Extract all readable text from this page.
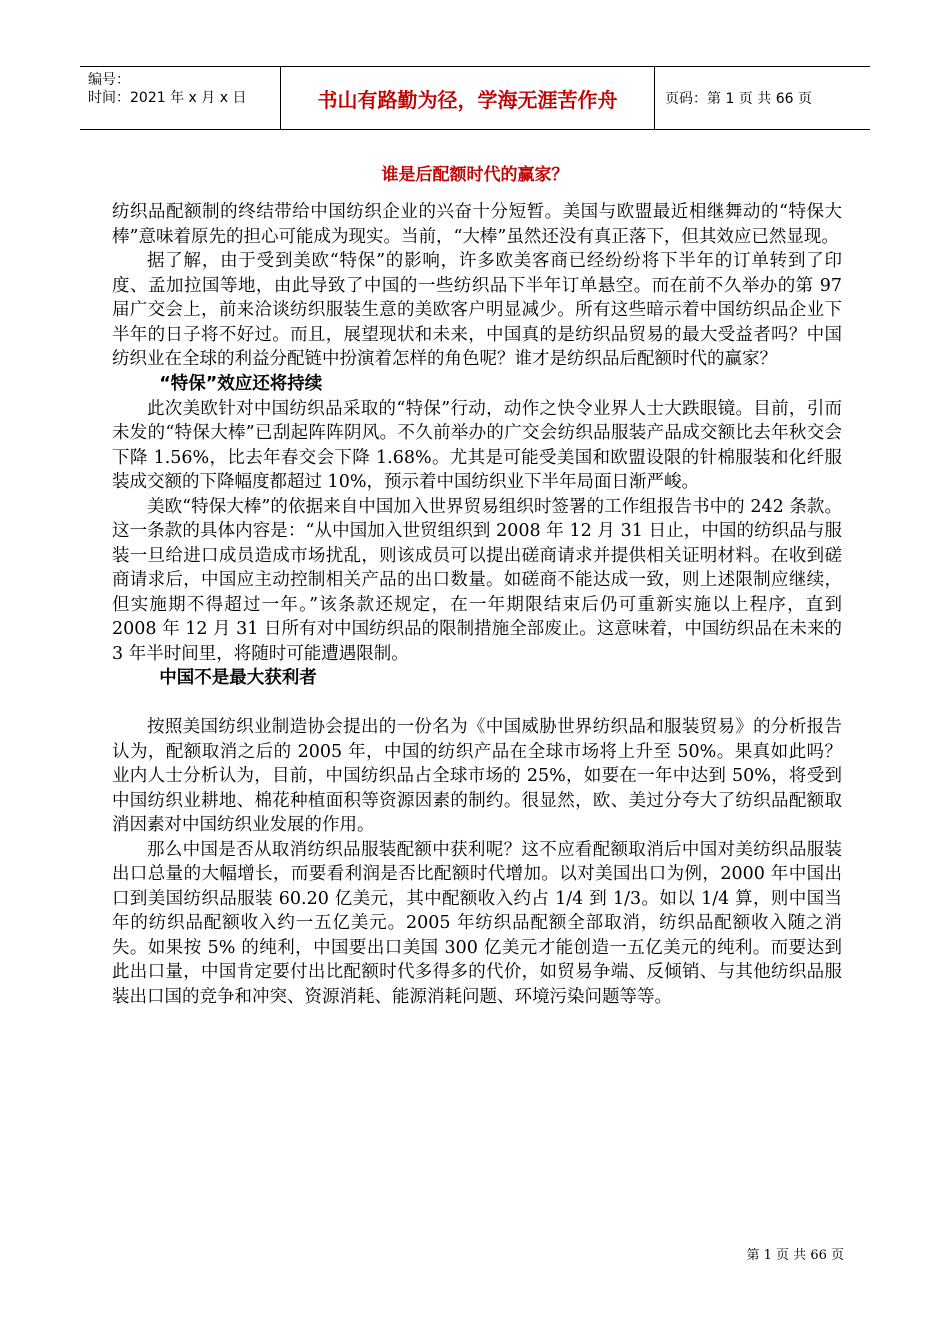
编号：
时间：2021 年 x 月 x 日	书山有路勤为径，学海无涯苦作舟	页码：第 1 页 共 66 页
谁是后配额时代的赢家？

纺织品配额制的终结带给中国纺织企业的兴奋十分短暂。美国与欧盟最近相继舞动的“特保大棒”意味着原先的担心可能成为现实。当前，“大棒”虽然还没有真正落下，但其效应已然显现。

据了解，由于受到美欧“特保”的影响，许多欧美客商已经纷纷将下半年的订单转到了印度、孟加拉国等地，由此导致了中国的一些纺织品下半年订单悬空。而在前不久举办的第 97 届广交会上，前来洽谈纺织服装生意的美欧客户明显减少。所有这些暗示着中国纺织品企业下半年的日子将不好过。而且，展望现状和未来，中国真的是纺织品贸易的最大受益者吗？中国纺织业在全球的利益分配链中扮演着怎样的角色呢？谁才是纺织品后配额时代的赢家？

“特保”效应还将持续

此次美欧针对中国纺织品采取的“特保”行动，动作之快令业界人士大跌眼镜。目前，引而未发的“特保大棒”已刮起阵阵阴风。不久前举办的广交会纺织品服装产品成交额比去年秋交会下降 1.56%，比去年春交会下降 1.68%。尤其是可能受美国和欧盟设限的针棉服装和化纤服装成交额的下降幅度都超过 10%，预示着中国纺织业下半年局面日渐严峻。

美欧“特保大棒”的依据来自中国加入世界贸易组织时签署的工作组报告书中的 242 条款。这一条款的具体内容是：“从中国加入世贸组织到 2008 年 12 月 31 日止，中国的纺织品与服装一旦给进口成员造成市场扰乱，则该成员可以提出磋商请求并提供相关证明材料。在收到磋商请求后，中国应主动控制相关产品的出口数量。如磋商不能达成一致，则上述限制应继续，但实施期不得超过一年。”该条款还规定，在一年期限结束后仍可重新实施以上程序，直到 2008 年 12 月 31 日所有对中国纺织品的限制措施全部废止。这意味着，中国纺织品在未来的 3 年半时间里，将随时可能遭遇限制。

中国不是最大获利者

按照美国纺织业制造协会提出的一份名为《中国威胁世界纺织品和服装贸易》的分析报告认为，配额取消之后的 2005 年，中国的纺织产品在全球市场将上升至 50%。果真如此吗？业内人士分析认为，目前，中国纺织品占全球市场的 25%，如要在一年中达到 50%，将受到中国纺织业耕地、棉花种植面积等资源因素的制约。很显然，欧、美过分夸大了纺织品配额取消因素对中国纺织业发展的作用。

那么中国是否从取消纺织品服装配额中获利呢？这不应看配额取消后中国对美纺织品服装出口总量的大幅增长，而要看利润是否比配额时代增加。以对美国出口为例，2000 年中国出口到美国纺织品服装 60.20 亿美元，其中配额收入约占 1/4 到 1/3。如以 1/4 算，则中国当年的纺织品配额收入约一五亿美元。2005 年纺织品配额全部取消，纺织品配额收入随之消失。如果按 5% 的纯利，中国要出口美国 300 亿美元才能创造一五亿美元的纯利。而要达到此出口量，中国肯定要付出比配额时代多得多的代价，如贸易争端、反倾销、与其他纺织品服装出口国的竞争和冲突、资源消耗、能源消耗问题、环境污染问题等等。

第 1 页 共 66 页
